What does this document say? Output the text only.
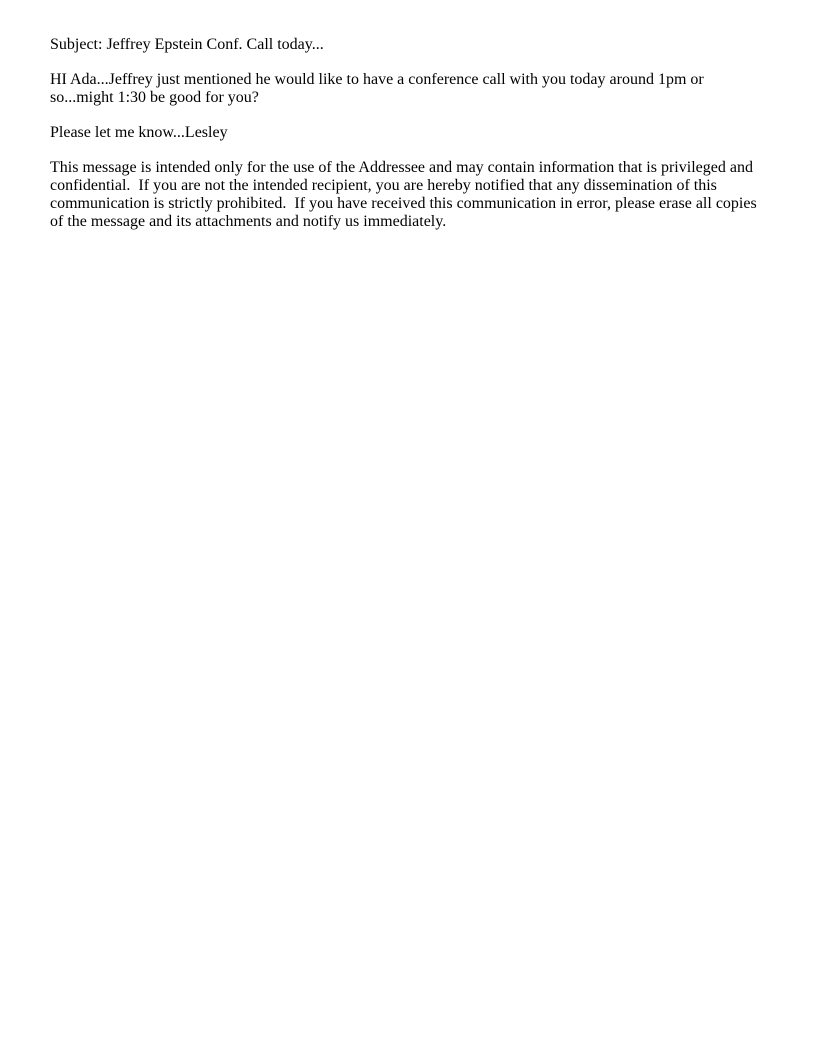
Subject: Jeffrey Epstein Conf. Call today...
HI Ada...Jeffrey just mentioned he would like to have a conference call with you today around 1pm or
so...might 1:30 be good for you?
Please let me know...Lesley
This message is intended only for the use of the Addressee and may contain information that is privileged and
confidential.  If you are not the intended recipient, you are hereby notified that any dissemination of this
communication is strictly prohibited.  If you have received this communication in error, please erase all copies
of the message and its attachments and notify us immediately.
